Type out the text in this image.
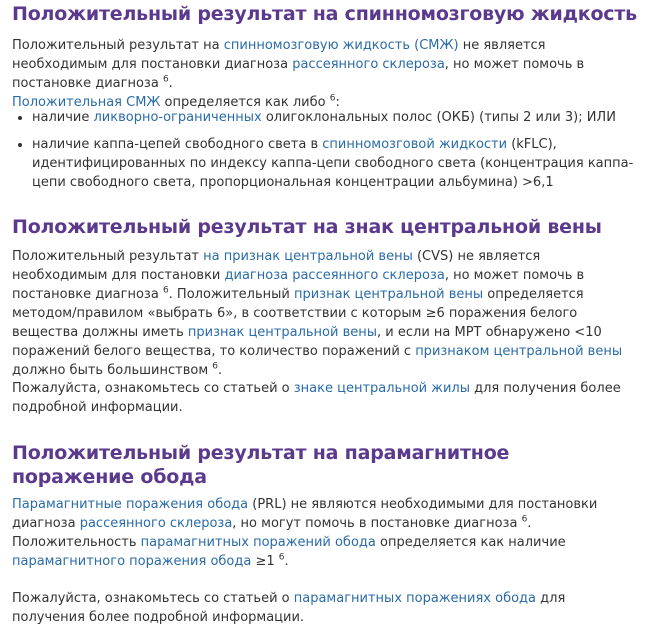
Положительный результат на спинномозговую жидкость

Положительный результат на спинномозговую жидкость (СМЖ) не является необходимым для постановки диагноза рассеянного склероза, но может помочь в постановке диагноза $^6$.
Положительная СМЖ определяется как либо $^6$:

• наличие ликворно-ограниченных олигоклональных полос (ОКБ) (типы 2 или 3); ИЛИ
• наличие каппа-цепей свободного света в спинномозговой жидкости (kFLC), идентифицированных по индексу каппа-цепи свободного света (концентрация каппа-цепи свободного света, пропорциональная концентрации альбумина) >6,1
Положительный результат на знак центральной вены

Положительный результат на признак центральной вены (CVS) не является необходимым для постановки диагноза рассеянного склероза, но может помочь в постановке диагноза $^6$. Положительный признак центральной вены определяется методом/правилом «выбрать 6», в соответствии с которым ≥6 поражения белого вещества должны иметь признак центральной вены, и если на МРТ обнаружено <10 поражений белого вещества, то количество поражений с признаком центральной вены должно быть большинством $^6$.

Пожалуйста, ознакомьтесь со статьей о знаке центральной жилы для получения более подробной информации.

Положительный результат на парамагнитное поражение обода

Парамагнитные поражения обода (PRL) не являются необходимыми для постановки диагноза рассеянного склероза, но могут помочь в постановке диагноза $^6$. Положительность парамагнитных поражений обода определяется как наличие парамагнитного поражения обода ≥1 $^6$.

Пожалуйста, ознакомьтесь со статьей о парамагнитных поражениях обода для получения более подробной информации.
